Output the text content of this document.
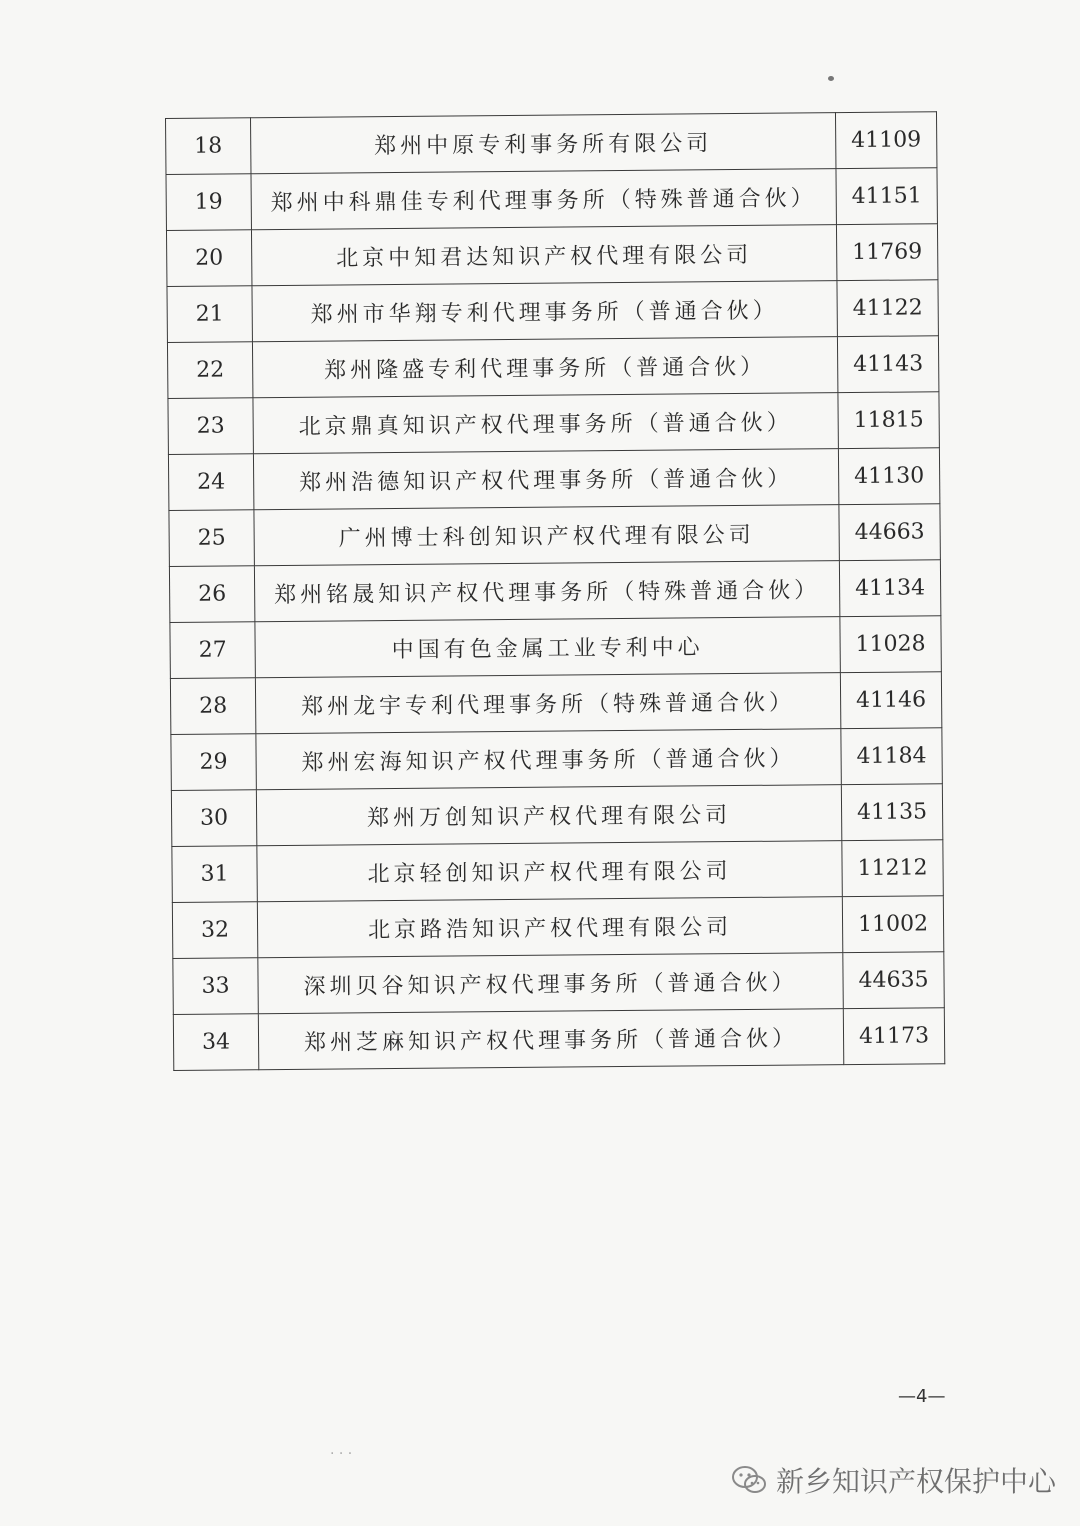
18	郑州中原专利事务所有限公司	41109
19	郑州中科鼎佳专利代理事务所（特殊普通合伙）	41151
20	北京中知君达知识产权代理有限公司	11769
21	郑州市华翔专利代理事务所（普通合伙）	41122
22	郑州隆盛专利代理事务所（普通合伙）	41143
23	北京鼎真知识产权代理事务所（普通合伙）	11815
24	郑州浩德知识产权代理事务所（普通合伙）	41130
25	广州博士科创知识产权代理有限公司	44663
26	郑州铭晟知识产权代理事务所（特殊普通合伙）	41134
27	中国有色金属工业专利中心	11028
28	郑州龙宇专利代理事务所（特殊普通合伙）	41146
29	郑州宏海知识产权代理事务所（普通合伙）	41184
30	郑州万创知识产权代理有限公司	41135
31	北京轻创知识产权代理有限公司	11212
32	北京路浩知识产权代理有限公司	11002
33	深圳贝谷知识产权代理事务所（普通合伙）	44635
34	郑州芝麻知识产权代理事务所（普通合伙）	41173
—4—
· · ·
新乡知识产权保护中心
